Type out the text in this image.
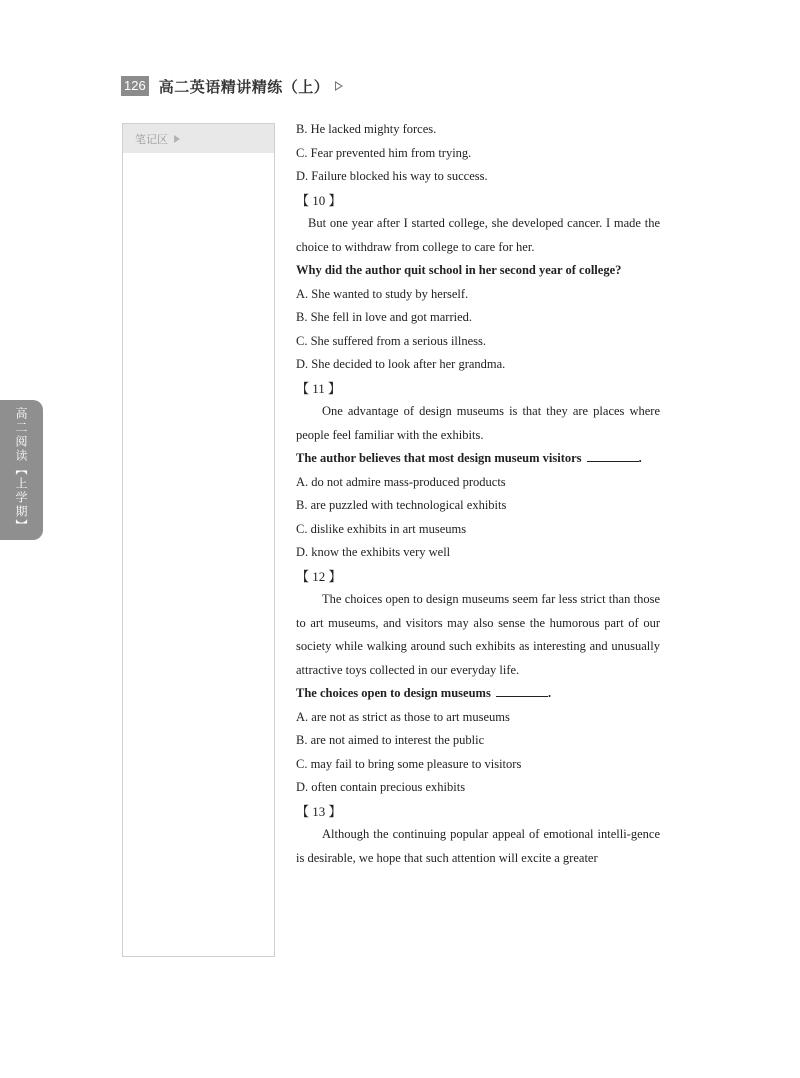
126 高二英语精讲精练（上）
笔记区
高二阅读【上学期】

B. He lacked mighty forces.

C. Fear prevented him from trying.

D. Failure blocked his way to success.

【 10 】

But one year after I started college, she developed cancer. I made the choice to withdraw from college to care for her.

Why did the author quit school in her second year of college?

A. She wanted to study by herself.

B. She fell in love and got married.

C. She suffered from a serious illness.

D. She decided to look after her grandma.

【 11 】

One advantage of design museums is that they are places where people feel familiar with the exhibits.

The author believes that most design museum visitors	.

A. do not admire mass-produced products

B. are puzzled with technological exhibits

C. dislike exhibits in art museums

D. know the exhibits very well

【 12 】

The choices open to design museums seem far less strict than those to art museums, and visitors may also sense the humorous part of our society while walking around such exhibits as interesting and unusually attractive toys collected in our everyday life.

The choices open to design museums	.

A. are not as strict as those to art museums

B. are not aimed to interest the public

C. may fail to bring some pleasure to visitors

D. often contain precious exhibits

【 13 】

Although the continuing popular appeal of emotional intelli-gence is desirable, we hope that such attention will excite a greater
